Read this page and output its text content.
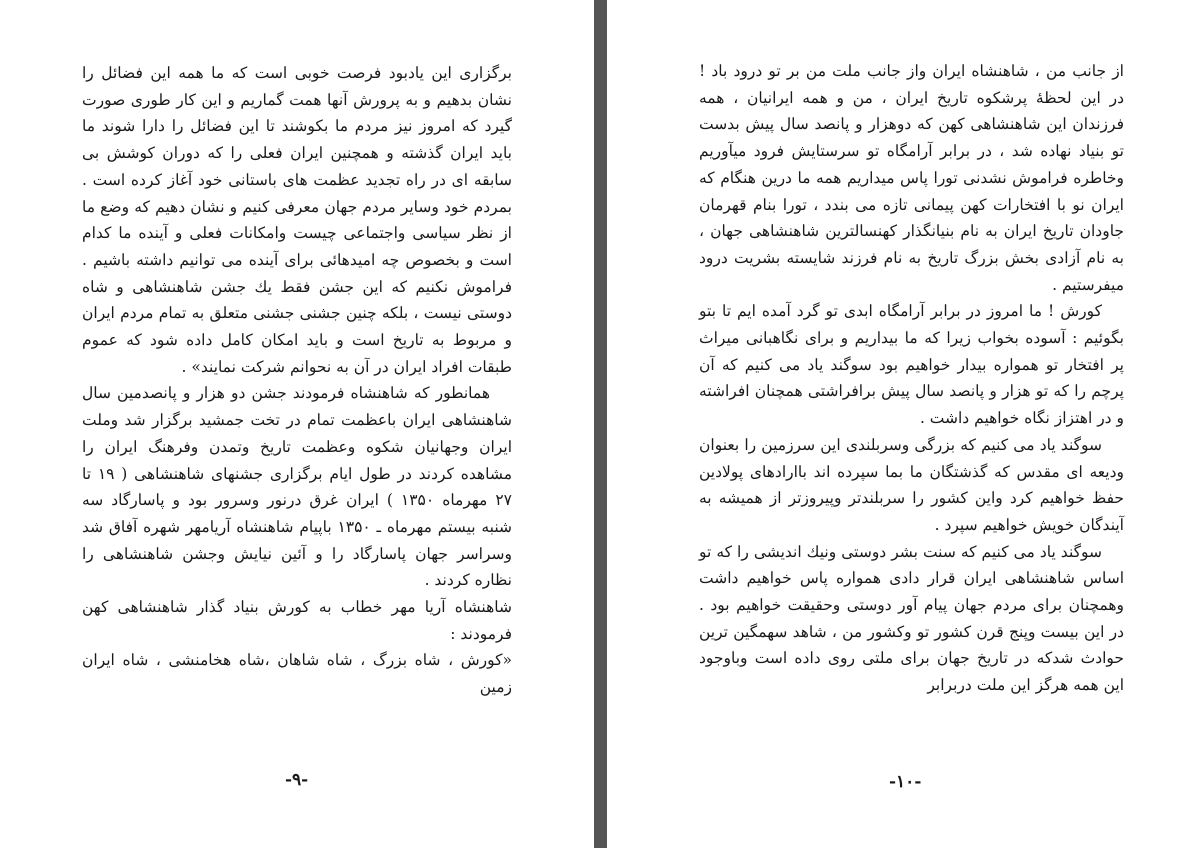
برگزاری این یادبود فرصت خوبی است که ما همه این فضائل را نشان بدهیم و به پرورش آنها همت گماریم و این کار طوری صورت گیرد که امروز نیز مردم ما بکوشند تا این فضائل را دارا شوند ما باید ایران گذشته و همچنین ایران فعلی را که دوران کوشش بی سابقه ای در راه تجدید عظمت های باستانی خود آغاز کرده است . بمردم خود وسایر مردم جهان معرفی کنیم و نشان دهیم که وضع ما از نظر سیاسی واجتماعی چیست وامکانات فعلی و آینده ما کدام است و بخصوص چه امیدهائی برای آینده می توانیم داشته باشیم . فراموش نکنیم که این جشن فقط یك جشن شاهنشاهی و شاه دوستی نیست ، بلکه چنین جشنی جشنی متعلق به تمام مردم ایران و مربوط به تاریخ است و باید امکان کامل داده شود که عموم طبقات افراد ایران در آن به نحوانم شرکت نمایند» .

همانطور که شاهنشاه فرمودند جشن دو هزار و پانصدمین سال شاهنشاهی ایران باعظمت تمام در تخت جمشید برگزار شد وملت ایران وجهانیان شکوه وعظمت تاریخ وتمدن وفرهنگ ایران را مشاهده کردند در طول ایام برگزاری جشنهای شاهنشاهی ( ۱۹ تا ۲۷ مهرماه ۱۳۵۰ ) ایران غرق درنور وسرور بود و پاسارگاد سه شنبه بیستم مهرماه ـ ۱۳۵۰ باپیام شاهنشاه آریامهر شهره آفاق شد وسراسر جهان پاسارگاد را و آئین نیایش وجشن شاهنشاهی را نظاره کردند .

شاهنشاه آریا مهر خطاب به کورش بنیاد گذار شاهنشاهی کهن فرمودند :

«کورش ، شاه بزرگ ، شاه شاهان ،شاه هخامنشی ، شاه ایران زمین

-۹-

از جانب من ، شاهنشاه ایران واز جانب ملت من بر تو درود باد ! در این لحظهٔ پرشکوه تاریخ ایران ، من و همه ایرانیان ، همه فرزندان این شاهنشاهی کهن که دوهزار و پانصد سال پیش بدست تو بنیاد نهاده شد ، در برابر آرامگاه تو سرستایش فرود میآوریم وخاطره فراموش نشدنی تورا پاس میداریم همه ما درین هنگام که ایران نو با افتخارات کهن پیمانی تازه می بندد ، تورا بنام قهرمان جاودان تاریخ ایران به نام بنیانگذار کهنسالترین شاهنشاهی جهان ، به نام آزادی بخش بزرگ تاریخ به نام فرزند شایسته بشریت درود میفرستیم .

کورش ! ما امروز در برابر آرامگاه ابدی تو گرد آمده ایم تا بتو بگوئیم : آسوده بخواب زیرا که ما بیداریم و برای نگاهبانی میراث پر افتخار تو همواره بیدار خواهیم بود سوگند یاد می کنیم که آن پرچم را که تو هزار و پانصد سال پیش برافراشتی همچنان افراشته و در اهتزاز نگاه خواهیم داشت .

سوگند یاد می کنیم که بزرگی وسربلندی این سرزمین را بعنوان ودیعه ای مقدس که گذشتگان ما بما سپرده اند باارادهای پولادین حفظ خواهیم کرد واین کشور را سربلندتر وپیروزتر از همیشه به آیندگان خویش خواهیم سپرد .

سوگند یاد می کنیم که سنت بشر دوستی ونیك اندیشی را که تو اساس شاهنشاهی ایران قرار دادی همواره پاس خواهیم داشت وهمچنان برای مردم جهان پیام آور دوستی وحقیقت خواهیم بود . در این بیست وپنج قرن کشور تو وکشور من ، شاهد سهمگین ترین حوادث شدکه در تاریخ جهان برای ملتی روی داده است وباوجود این همه هرگز این ملت دربرابر

-۱۰-
